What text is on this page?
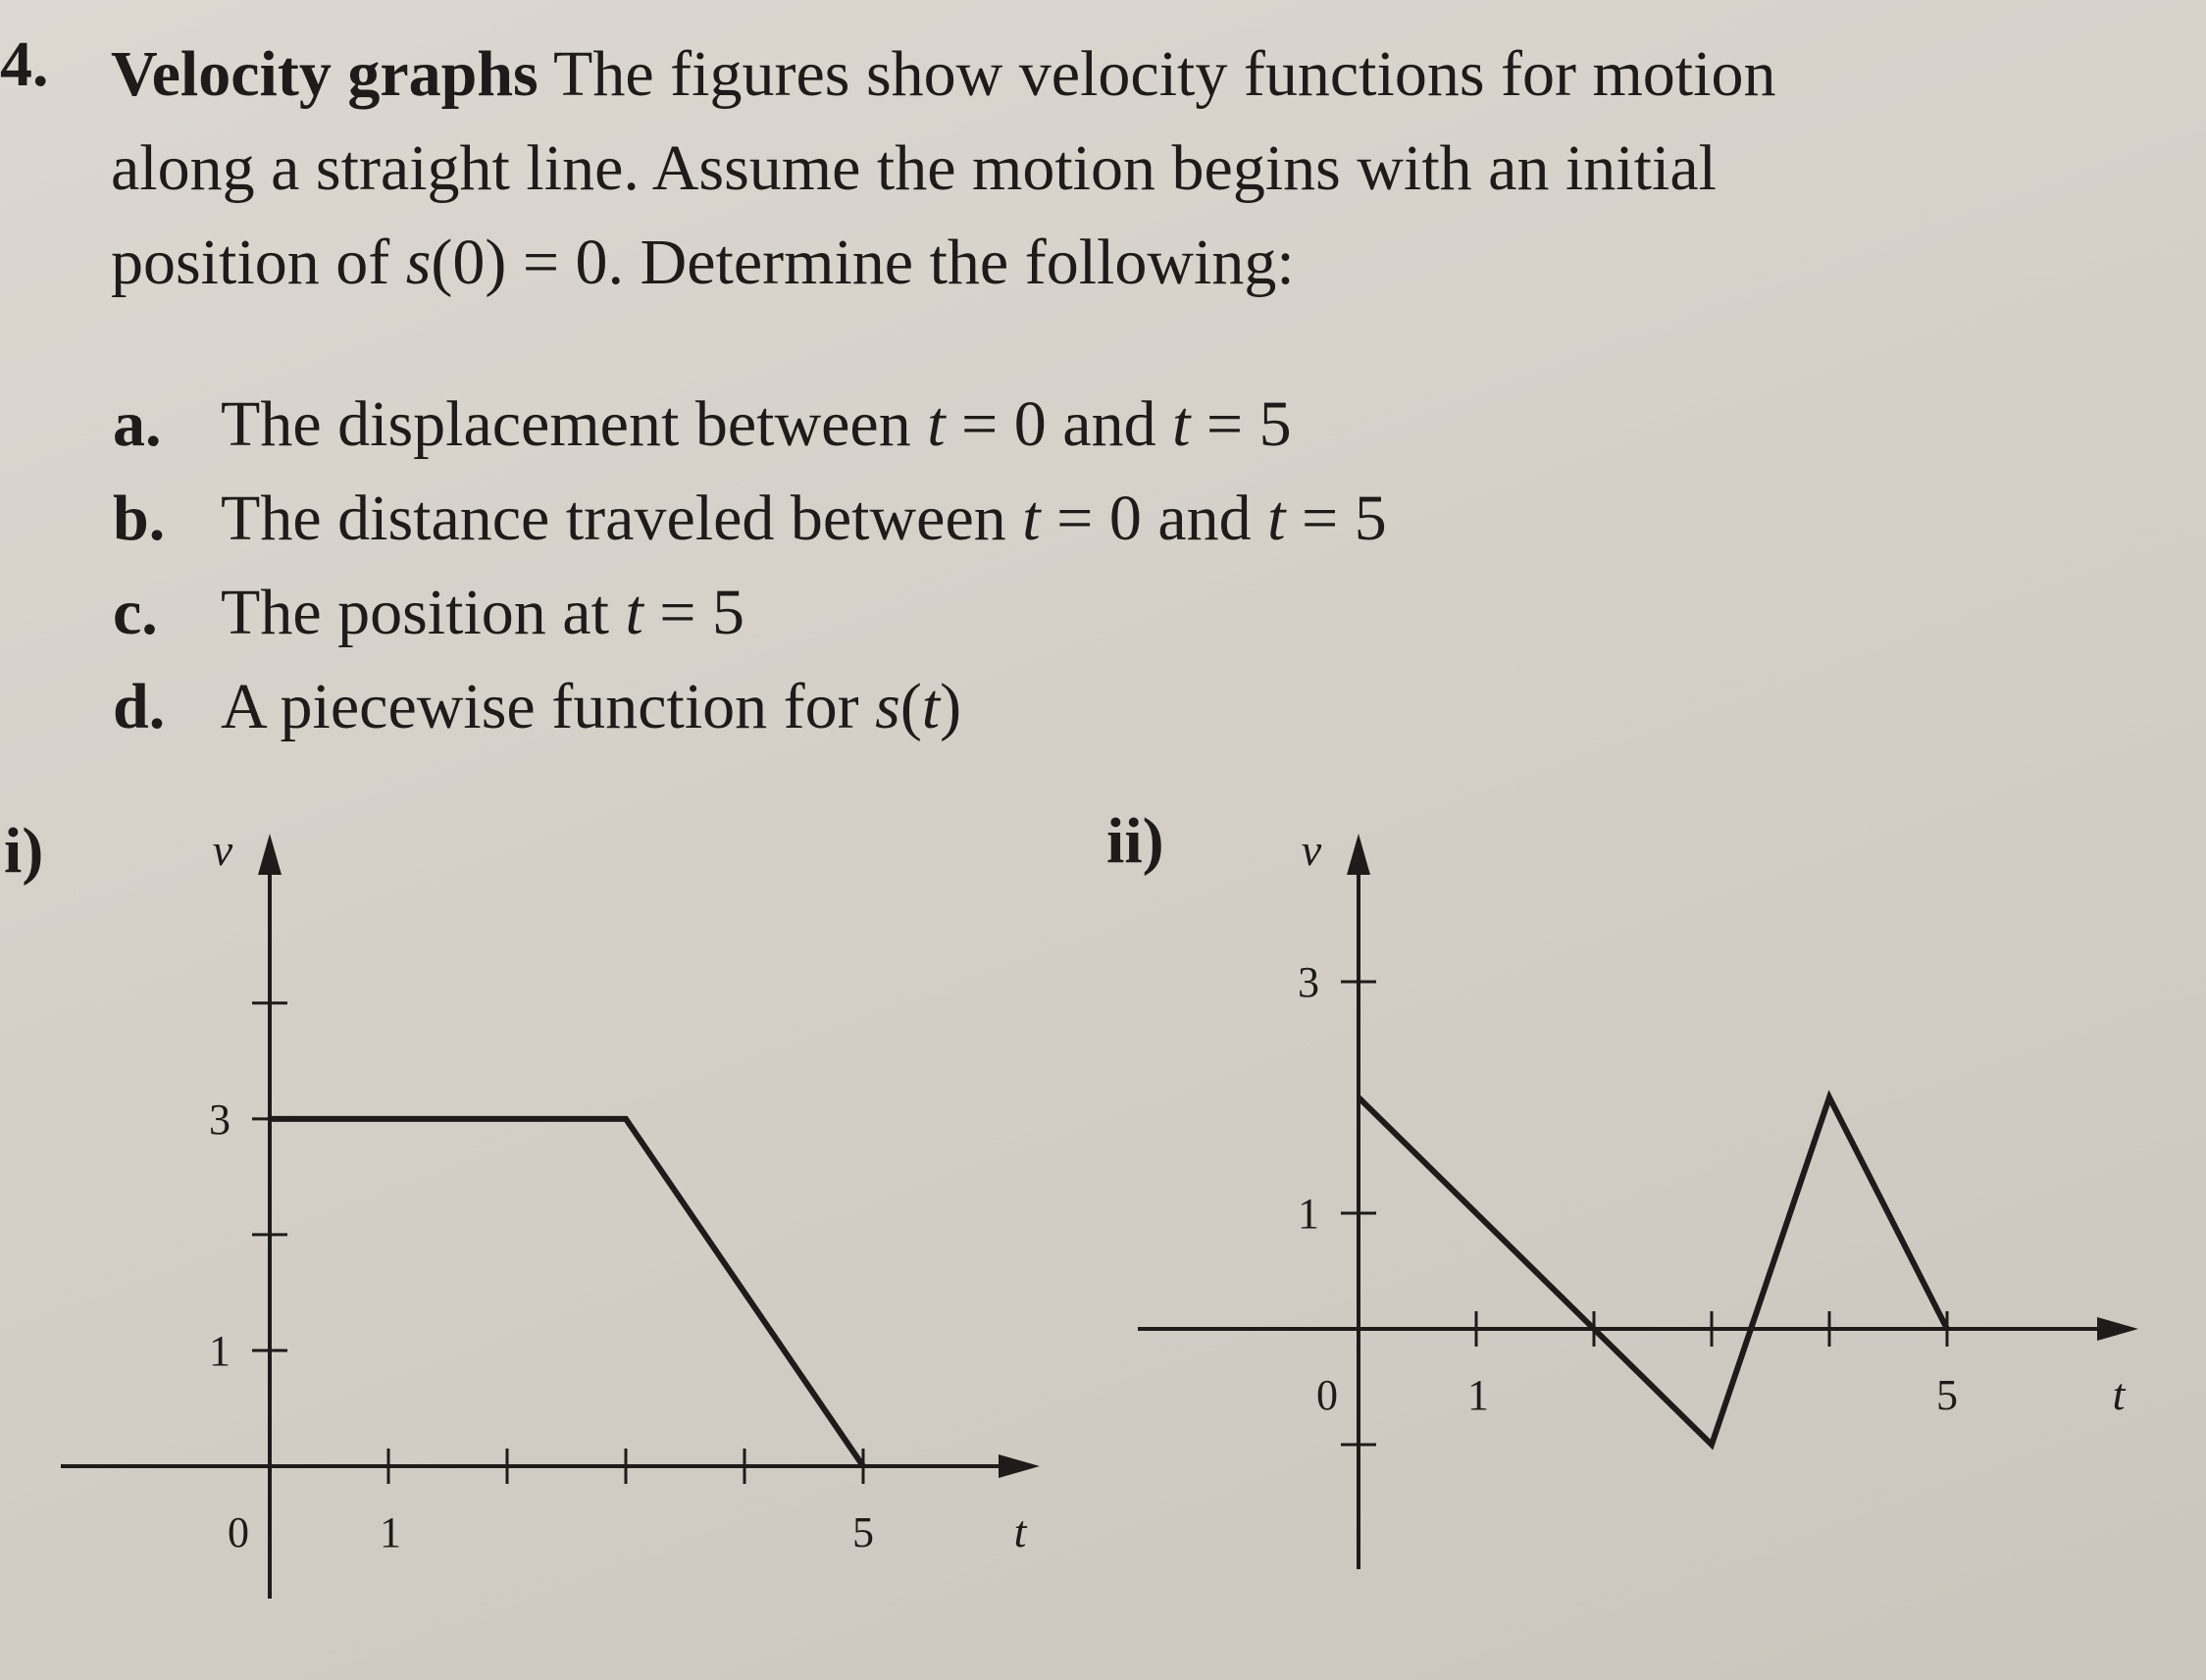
4. Velocity graphs The figures show velocity functions for motion
along a straight line. Assume the motion begins with an initial
position of s(0) = 0. Determine the following:
a. The displacement between t = 0 and t = 5
b. The distance traveled between t = 0 and t = 5
c. The position at t = 5
d. A piecewise function for s(t)
i)	ii)
0	1	5
1
3
t
v
0	1	5
1
3
t
v
